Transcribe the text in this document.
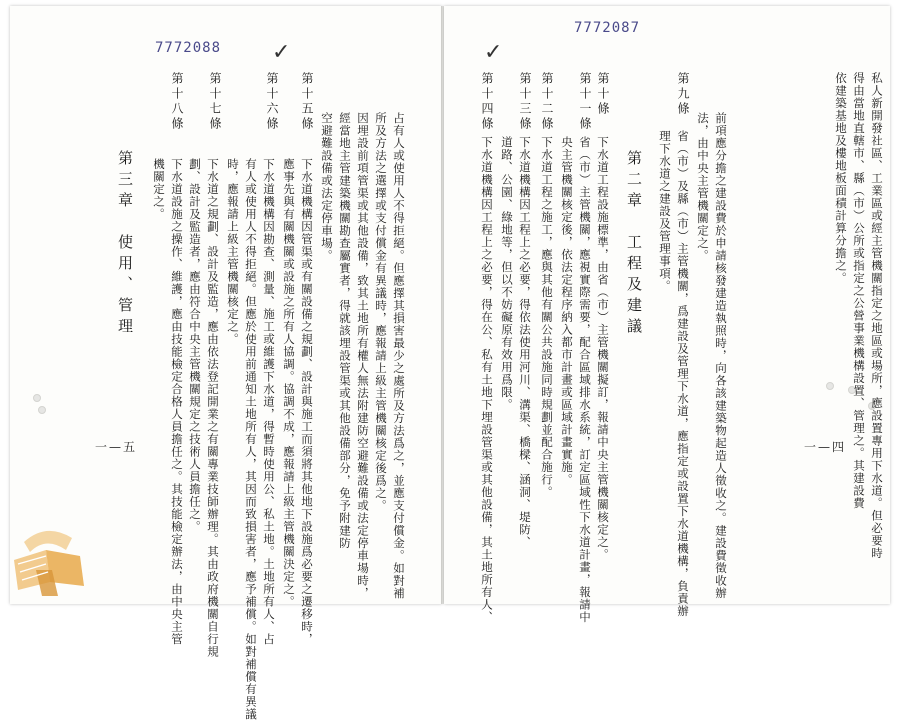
7772088 ✓
第十五條
占有人或使用人不得拒絕。但應擇其損害最少之處所及方法爲之，並應支付償金。如對補
所及方法之選擇或支付償金有異議時，應報請上級主管機關核定後爲之。
因埋設前項管渠或其他設備，致其土地所有權人無法附建防空避難設備或法定停車場時，
經當地主管建築機關勘查屬實者，得就該埋設管渠或其他設備部分，免予附建防
空避難設備或法定停車場。
第十六條
下水道機構因管渠或有關設備之規劃、設計與施工而須將其他地下設施爲必要之遷移時，
應事先與有關機關或設施之所有人協調。協調不成，應報請上級主管機關決定之。
第十七條
下水道機構因勘查、測量、施工或維護下水道，得暫時使用公、私土地。土地所有人、占
有人或使用人不得拒絕。但應於使用前通知土地所有人，其因而致損害者，應予補償。如對補償有異議
時，應報請上級主管機關核定之。
第十八條
下水道之規劃、設計及監造，應由依法登記開業之有關專業技師辦理。其由政府機關自行規
劃、設計及監造者，應由符合中央主管機關規定之技術人員擔任之。
下水道設施之操作、維護，應由技能檢定合格人員擔任之。其技能檢定辦法，由中央主管
機關定之。
第三章　使用、管理
一—五
7772087
✓
私人新開發社區、工業區或經主管機關指定之地區或場所，應設置專用下水道。但必要時
得由當地直轄市、縣（市）公所或指定之公營事業機構設置、管理之。其建設費
依建築基地及樓地板面積計算分擔之。
前項應分擔之建設費於申請核發建造執照時，向各該建築物起造人徵收之。建設費徵收辦
法，由中央主管機關定之。
第九條
省（市）及縣（市）主管機關，爲建設及管理下水道，應指定或設置下水道機構，負責辦
理下水道之建設及管理事項。
第二章　工程及建議
第十條
下水道工程設施標準，由省（市）主管機關擬訂，報請中央主管機關核定之。
第十一條
省（市）主管機關，應視實際需要，配合區域排水系統，訂定區域性下水道計畫，報請中
央主管機關核定後，依法定程序納入都市計畫或區域計畫實施。
第十二條
下水道工程之施工，應與其他有關公共設施同時規劃並配合施行。
第十三條
下水道機構因工程上之必要，得依法使用河川、溝渠、橋樑、涵洞、堤防、
道路、公園、綠地等，但以不妨礙原有效用爲限。
第十四條
下水道機構因工程上之必要，得在公、私有土地下埋設管渠或其他設備，其土地所有人、	一—四
